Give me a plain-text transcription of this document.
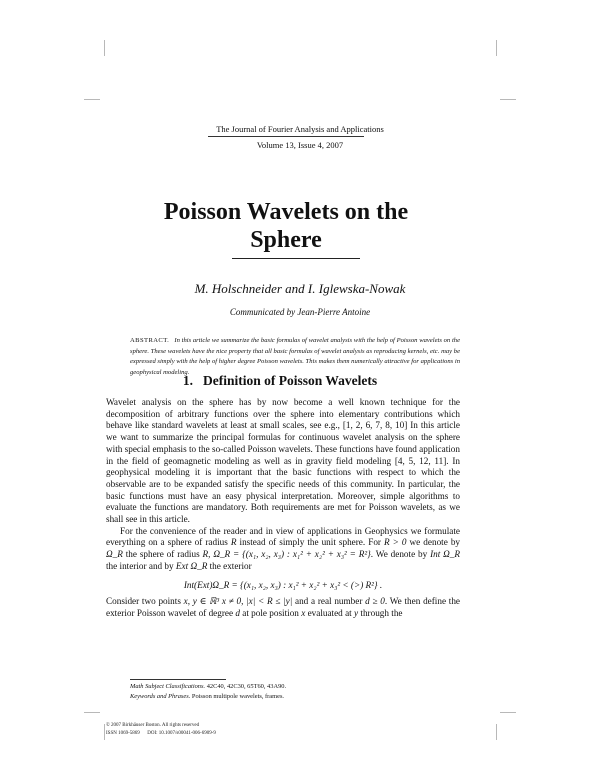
The Journal of Fourier Analysis and Applications
Volume 13, Issue 4, 2007
Poisson Wavelets on the
Sphere
M. Holschneider and I. Iglewska-Nowak
Communicated by Jean-Pierre Antoine
ABSTRACT. In this article we summarize the basic formulas of wavelet analysis with the help of Poisson wavelets on the sphere. These wavelets have the nice property that all basic formulas of wavelet analysis as reproducing kernels, etc. may be expressed simply with the help of higher degree Poisson wavelets. This makes them numerically attractive for applications in geophysical modeling.
1. Definition of Poisson Wavelets

Wavelet analysis on the sphere has by now become a well known technique for the decomposition of arbitrary functions over the sphere into elementary contributions which behave like standard wavelets at least at small scales, see e.g., [1, 2, 6, 7, 8, 10] In this article we want to summarize the principal formulas for continuous wavelet analysis on the sphere with special emphasis to the so-called Poisson wavelets. These functions have found application in the field of geomagnetic modeling as well as in gravity field modeling [4, 5, 12, 11]. In geophysical modeling it is important that the basic functions with respect to which the observable are to be expanded satisfy the specific needs of this community. In particular, the basic functions must have an easy physical interpretation. Moreover, simple algorithms to evaluate the functions are mandatory. Both requirements are met for Poisson wavelets, as we shall see in this article.

For the convenience of the reader and in view of applications in Geophysics we formulate everything on a sphere of radius R instead of simply the unit sphere. For R > 0 we denote by Ω_R the sphere of radius R, Ω_R = {(x₁, x₂, x₃) : x₁² + x₂² + x₃² = R²}. We denote by Int Ω_R the interior and by Ext Ω_R the exterior

Int(Ext)Ω_R = {(x₁, x₂, x₃) : x₁² + x₂² + x₃² < (>) R²} .

Consider two points x, y ∈ ℝ³ x ≠ 0, |x| < R ≤ |y| and a real number d ≥ 0. We then define the exterior Poisson wavelet of degree d at pole position x evaluated at y through the

Math Subject Classifications. 42C40, 42C30, 65T60, 43A90.
Keywords and Phrases. Poisson multipole wavelets, frames.
© 2007 Birkhäuser Boston. All rights reserved
ISSN 1069-5869      DOI: 10.1007/s00041-006-6909-9
